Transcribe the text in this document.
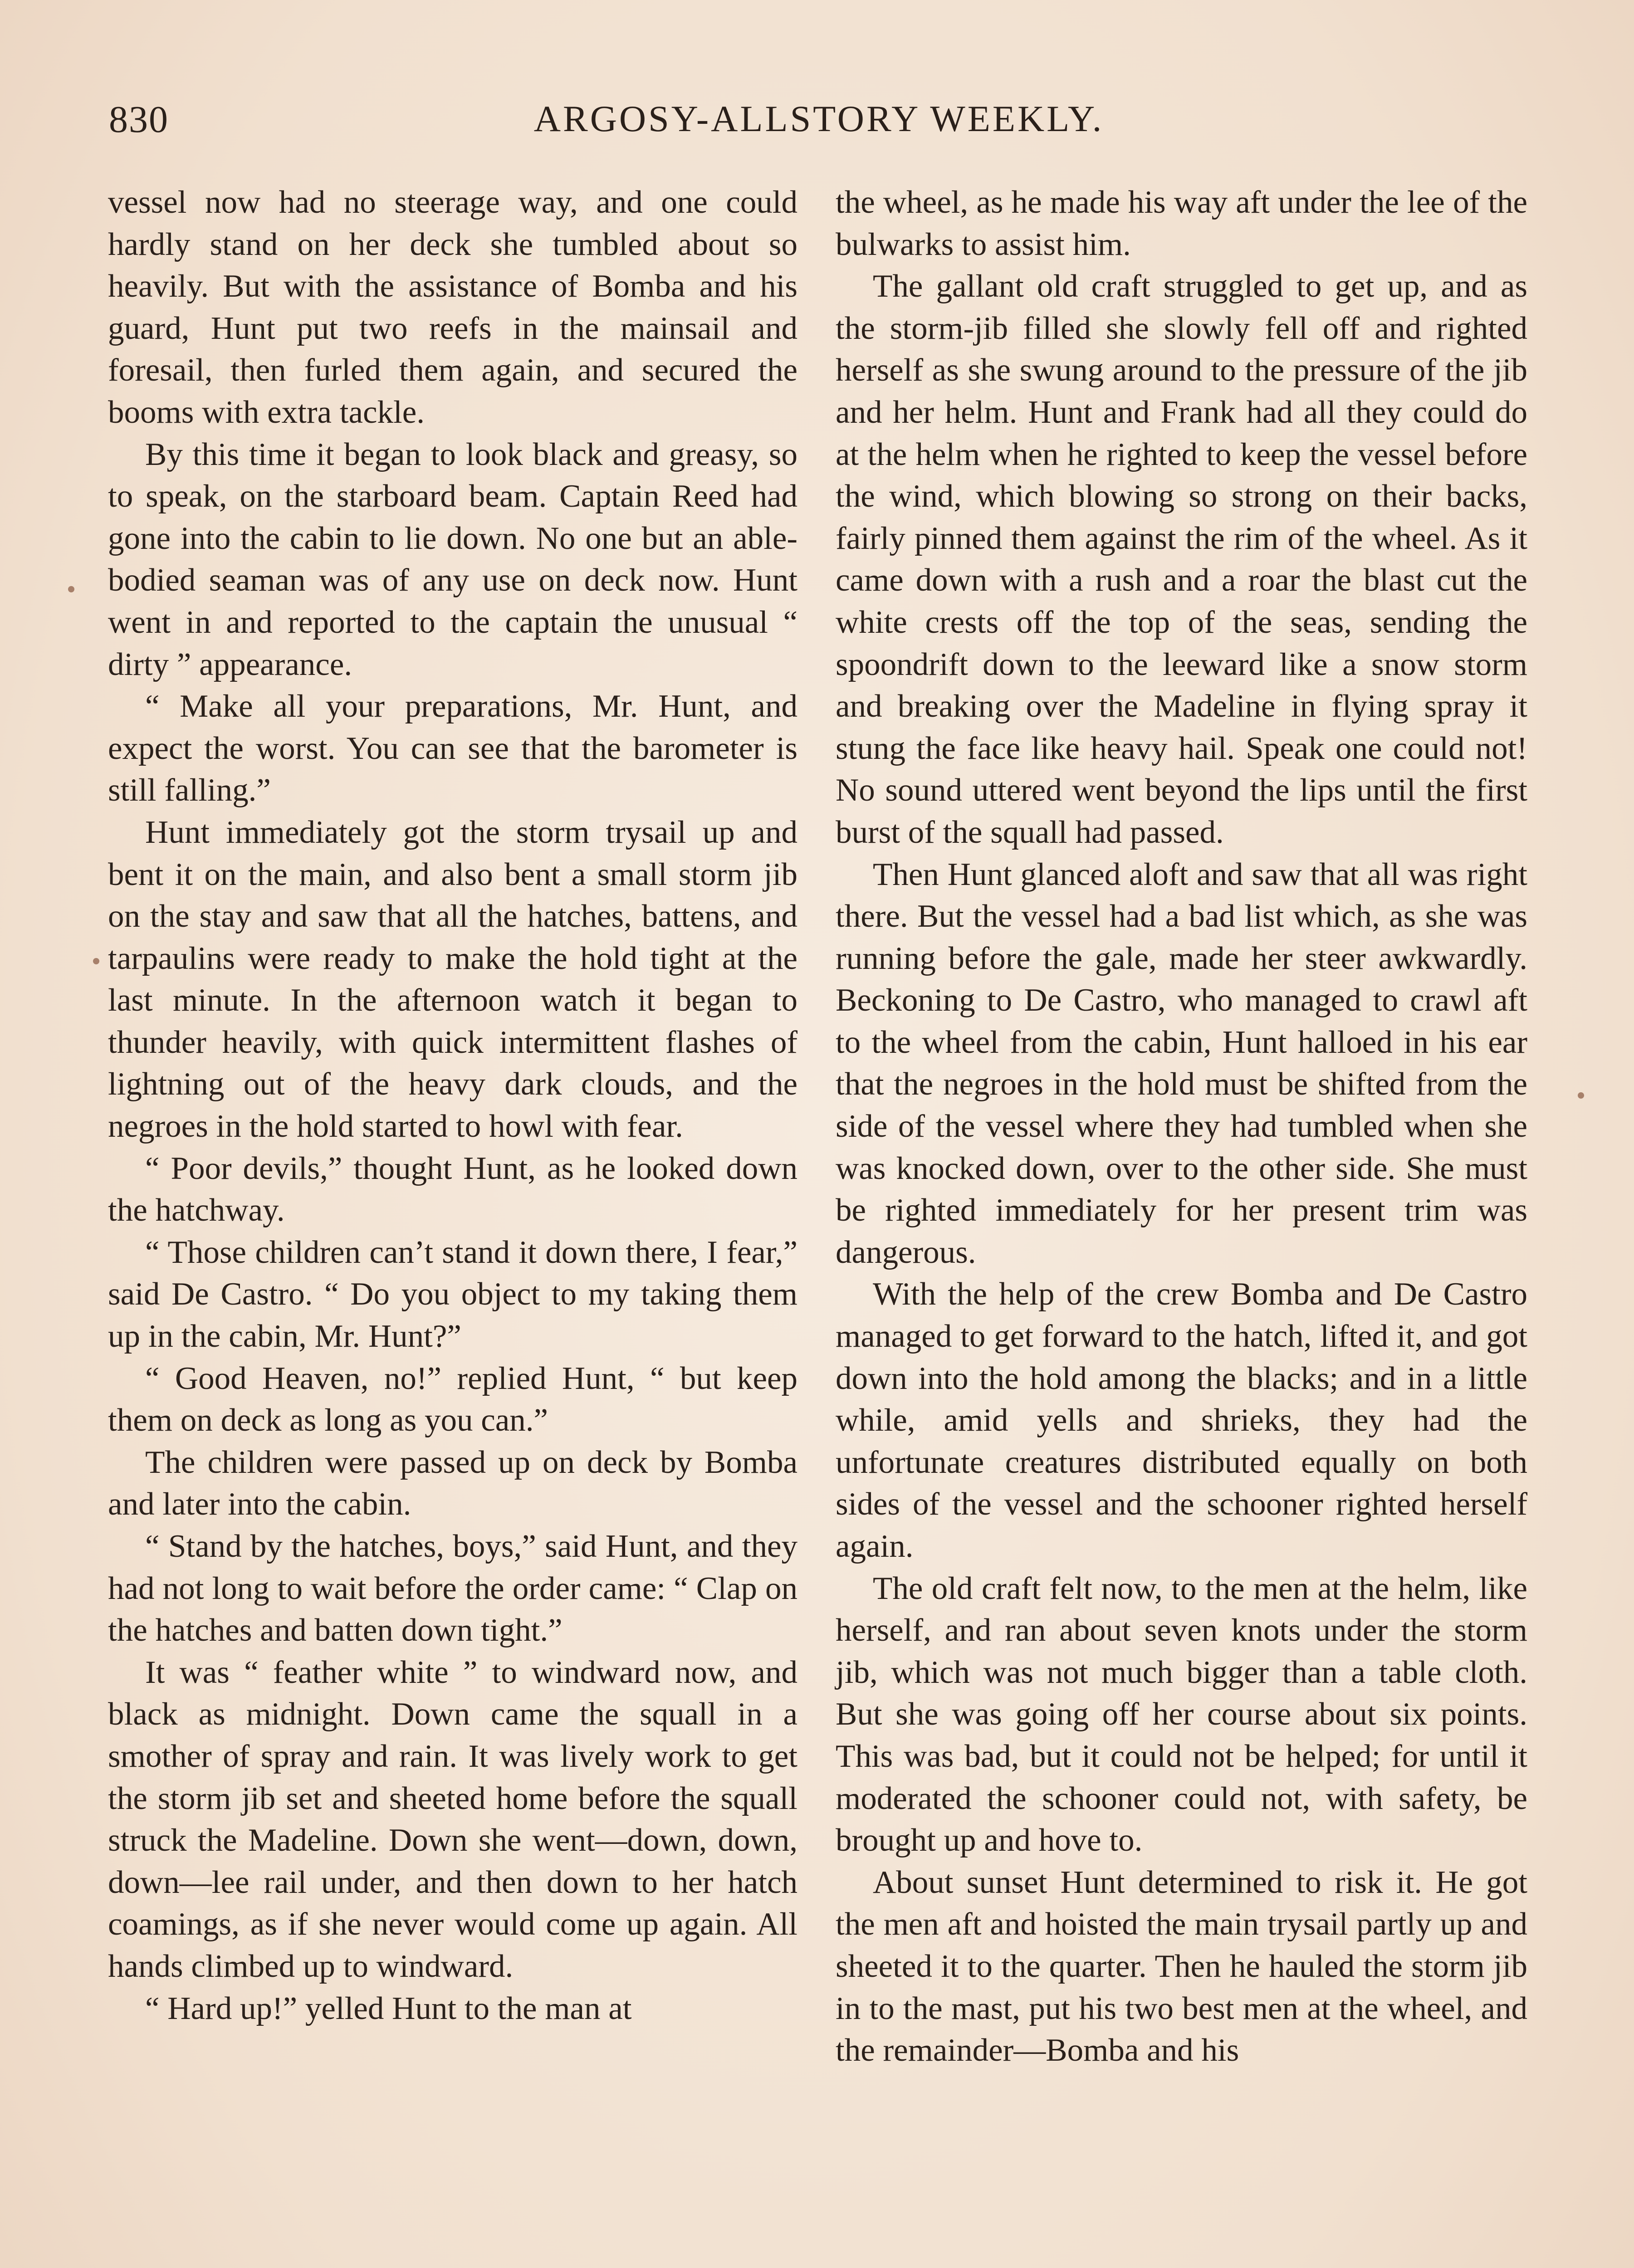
830	ARGOSY-ALLSTORY WEEKLY.

vessel now had no steerage way, and one could hardly stand on her deck she tumbled about so heavily. But with the assistance of Bomba and his guard, Hunt put two reefs in the mainsail and foresail, then furled them again, and secured the booms with extra tackle.

By this time it began to look black and greasy, so to speak, on the starboard beam. Captain Reed had gone into the cabin to lie down. No one but an able-bodied seaman was of any use on deck now. Hunt went in and reported to the captain the unusual “ dirty ” appearance.

“ Make all your preparations, Mr. Hunt, and expect the worst. You can see that the barometer is still falling.”

Hunt immediately got the storm trysail up and bent it on the main, and also bent a small storm jib on the stay and saw that all the hatches, battens, and tarpaulins were ready to make the hold tight at the last minute. In the afternoon watch it began to thunder heavily, with quick intermittent flashes of lightning out of the heavy dark clouds, and the negroes in the hold started to howl with fear.

“ Poor devils,” thought Hunt, as he looked down the hatchway.

“ Those children can’t stand it down there, I fear,” said De Castro. “ Do you object to my taking them up in the cabin, Mr. Hunt?”

“ Good Heaven, no!” replied Hunt, “ but keep them on deck as long as you can.”

The children were passed up on deck by Bomba and later into the cabin.

“ Stand by the hatches, boys,” said Hunt, and they had not long to wait before the order came: “ Clap on the hatches and batten down tight.”

It was “ feather white ” to windward now, and black as midnight. Down came the squall in a smother of spray and rain. It was lively work to get the storm jib set and sheeted home before the squall struck the Madeline. Down she went—down, down, down—lee rail under, and then down to her hatch coamings, as if she never would come up again. All hands climbed up to windward.

“ Hard up!” yelled Hunt to the man at

the wheel, as he made his way aft under the lee of the bulwarks to assist him.

The gallant old craft struggled to get up, and as the storm-jib filled she slowly fell off and righted herself as she swung around to the pressure of the jib and her helm. Hunt and Frank had all they could do at the helm when he righted to keep the vessel before the wind, which blowing so strong on their backs, fairly pinned them against the rim of the wheel. As it came down with a rush and a roar the blast cut the white crests off the top of the seas, sending the spoondrift down to the leeward like a snow storm and breaking over the Madeline in flying spray it stung the face like heavy hail. Speak one could not! No sound uttered went beyond the lips until the first burst of the squall had passed.

Then Hunt glanced aloft and saw that all was right there. But the vessel had a bad list which, as she was running before the gale, made her steer awkwardly. Beckoning to De Castro, who managed to crawl aft to the wheel from the cabin, Hunt halloed in his ear that the negroes in the hold must be shifted from the side of the vessel where they had tumbled when she was knocked down, over to the other side. She must be righted immediately for her present trim was dangerous.

With the help of the crew Bomba and De Castro managed to get forward to the hatch, lifted it, and got down into the hold among the blacks; and in a little while, amid yells and shrieks, they had the unfortunate creatures distributed equally on both sides of the vessel and the schooner righted herself again.

The old craft felt now, to the men at the helm, like herself, and ran about seven knots under the storm jib, which was not much bigger than a table cloth. But she was going off her course about six points. This was bad, but it could not be helped; for until it moderated the schooner could not, with safety, be brought up and hove to.

About sunset Hunt determined to risk it. He got the men aft and hoisted the main trysail partly up and sheeted it to the quarter. Then he hauled the storm jib in to the mast, put his two best men at the wheel, and the remainder—Bomba and his
